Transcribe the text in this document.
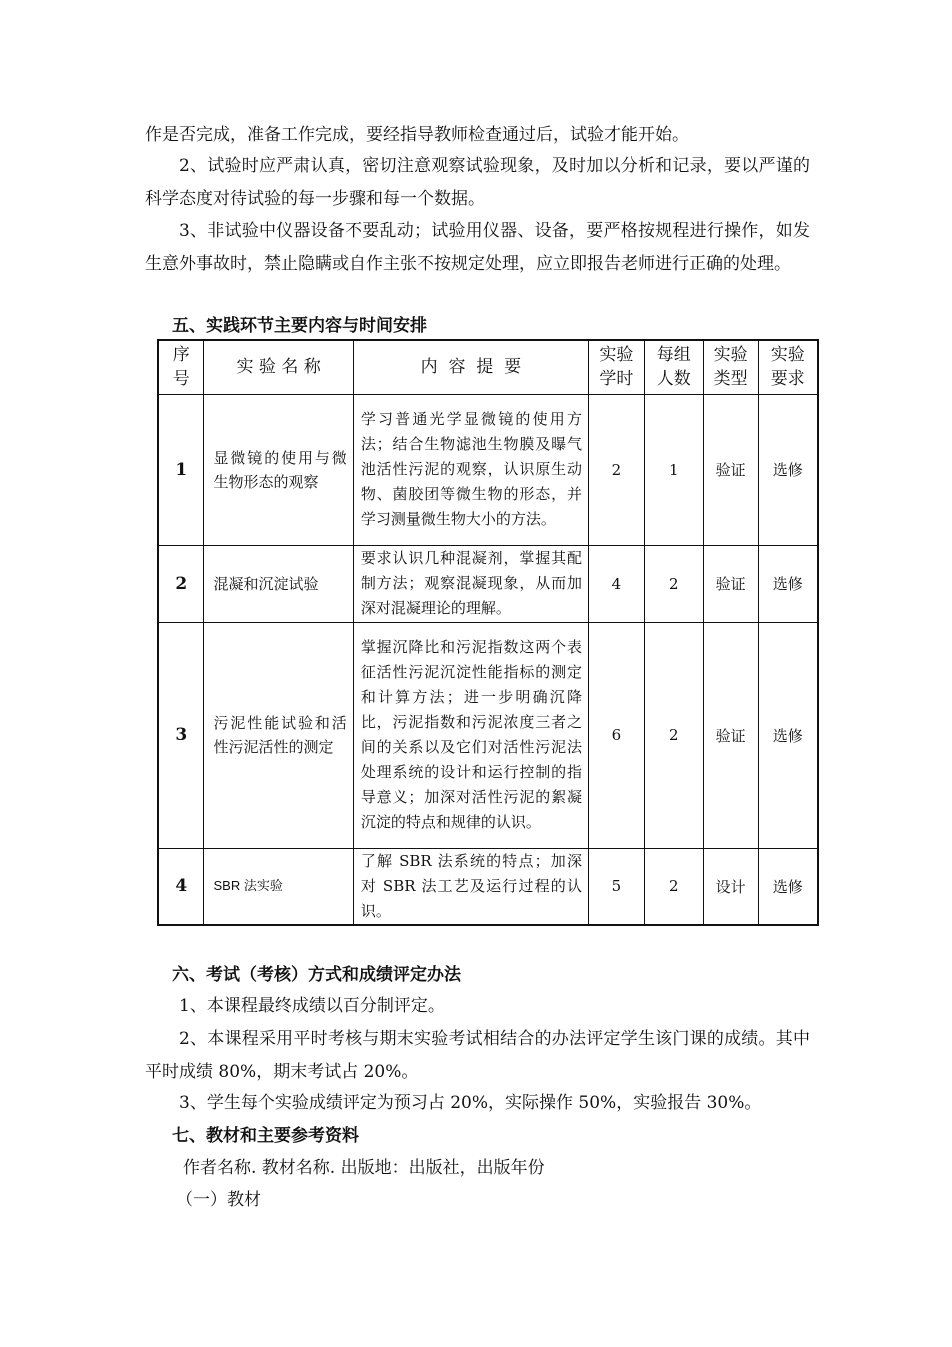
作是否完成，准备工作完成，要经指导教师检查通过后，试验才能开始。

2、试验时应严肃认真，密切注意观察试验现象，及时加以分析和记录，要以严谨的科学态度对待试验的每一步骤和每一个数据。

3、非试验中仪器设备不要乱动；试验用仪器、设备，要严格按规程进行操作，如发生意外事故时，禁止隐瞒或自作主张不按规定处理，应立即报告老师进行正确的处理。

五、实践环节主要内容与时间安排
序号	实 验 名 称	内  容  提  要	实验学时	每组人数	实验类型	实验要求
1	显微镜的使用与微生物形态的观察	学习普通光学显微镜的使用方法；结合生物滤池生物膜及曝气池活性污泥的观察，认识原生动物、菌胶团等微生物的形态，并学习测量微生物大小的方法。	2	1	验证	选修
2	混凝和沉淀试验	要求认识几种混凝剂，掌握其配制方法；观察混凝现象，从而加深对混凝理论的理解。	4	2	验证	选修
3	污泥性能试验和活性污泥活性的测定	掌握沉降比和污泥指数这两个表征活性污泥沉淀性能指标的测定和计算方法；进一步明确沉降比，污泥指数和污泥浓度三者之间的关系以及它们对活性污泥法处理系统的设计和运行控制的指导意义；加深对活性污泥的絮凝沉淀的特点和规律的认识。	6	2	验证	选修
4	SBR 法实验	了解 SBR 法系统的特点；加深对 SBR 法工艺及运行过程的认识。	5	2	设计	选修
六、考试（考核）方式和成绩评定办法
1、本课程最终成绩以百分制评定。

2、本课程采用平时考核与期末实验考试相结合的办法评定学生该门课的成绩。其中平时成绩 80%，期末考试占 20%。

3、学生每个实验成绩评定为预习占 20%，实际操作 50%，实验报告 30%。
七、教材和主要参考资料
作者名称. 教材名称. 出版地：出版社，出版年份
（一）教材
